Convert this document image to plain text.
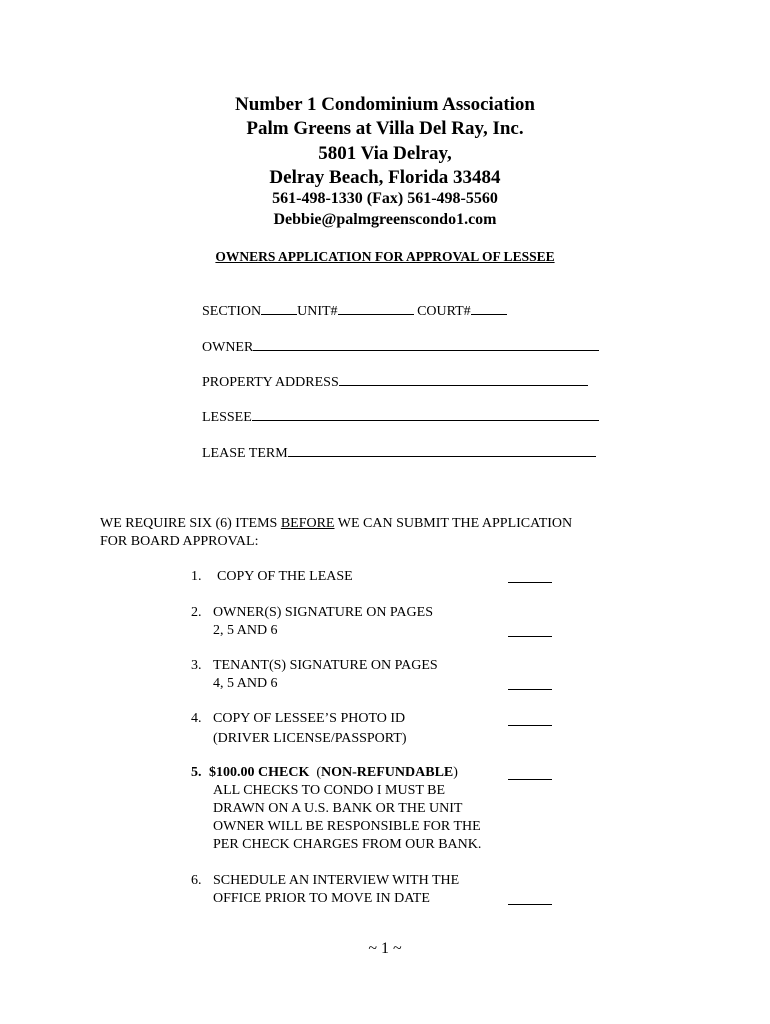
Number 1 Condominium Association
Palm Greens at Villa Del Ray, Inc.
5801 Via Delray,
Delray Beach, Florida 33484
561-498-1330 (Fax) 561-498-5560
Debbie@palmgreenscondo1.com
OWNERS APPLICATION FOR APPROVAL OF LESSEE
SECTION	UNIT#	COURT#
OWNER
PROPERTY ADDRESS
LESSEE
LEASE TERM
WE REQUIRE SIX (6) ITEMS BEFORE WE CAN SUBMIT THE APPLICATION
FOR BOARD APPROVAL:
1. COPY OF THE LEASE
2. OWNER(S) SIGNATURE ON PAGES
2, 5 AND 6
3. TENANT(S) SIGNATURE ON PAGES
4, 5 AND 6
4. COPY OF LESSEE’S PHOTO ID
(DRIVER LICENSE/PASSPORT)
5. $100.00 CHECK (NON-REFUNDABLE)
ALL CHECKS TO CONDO I MUST BE
DRAWN ON A U.S. BANK OR THE UNIT
OWNER WILL BE RESPONSIBLE FOR THE
PER CHECK CHARGES FROM OUR BANK.
6. SCHEDULE AN INTERVIEW WITH THE
OFFICE PRIOR TO MOVE IN DATE
~ 1 ~
